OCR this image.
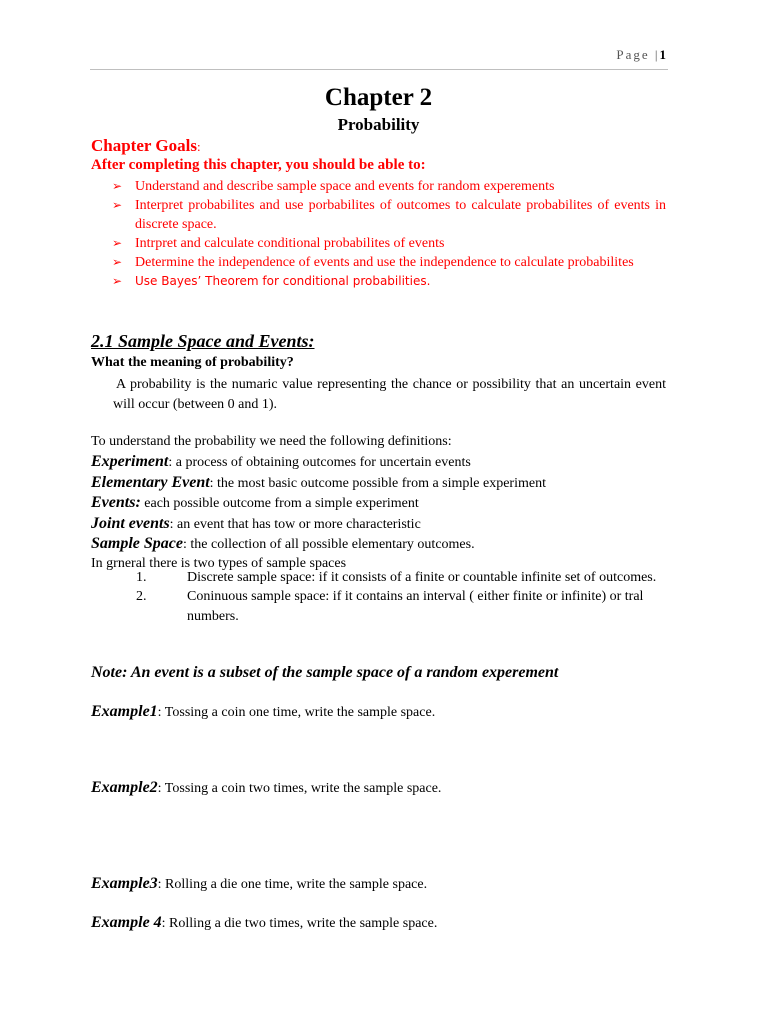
Page |1
Chapter 2
Probability
Chapter Goals:
After completing this chapter, you should be able to:
➢ Understand and describe sample space and events for random experements
➢ Interpret probabilites and use porbabilites of outcomes to calculate probabilites of events in discrete space.
➢ Intrpret and calculate conditional probabilites of events
➢ Determine the independence of events and use the independence to calculate probabilites
➢ Use Bayes’ Theorem for conditional probabilities.
2.1 Sample Space and Events:
What the meaning of probability?
A probability is the numaric value representing the chance or possibility that an uncertain event will occur (between 0 and 1).

To understand the probability we need the following definitions:

Experiment: a process of obtaining outcomes for uncertain events

Elementary Event: the most basic outcome possible from a simple experiment

Events: each possible outcome from a simple experiment

Joint events: an event that has tow or more characteristic

Sample Space: the collection of all possible elementary outcomes.

In grneral there is two types of sample spaces

1.	Discrete sample space: if it consists of a finite or countable infinite set of outcomes.
2.	Coninuous sample space: if it contains an interval ( either finite or infinite) or tral numbers.
Note: An event is a subset of the sample space of a random experement
Example1: Tossing a coin one time, write the sample space.
Example2: Tossing a coin two times, write the sample space.
Example3: Rolling a die one time, write the sample space.
Example 4: Rolling a die two times, write the sample space.
